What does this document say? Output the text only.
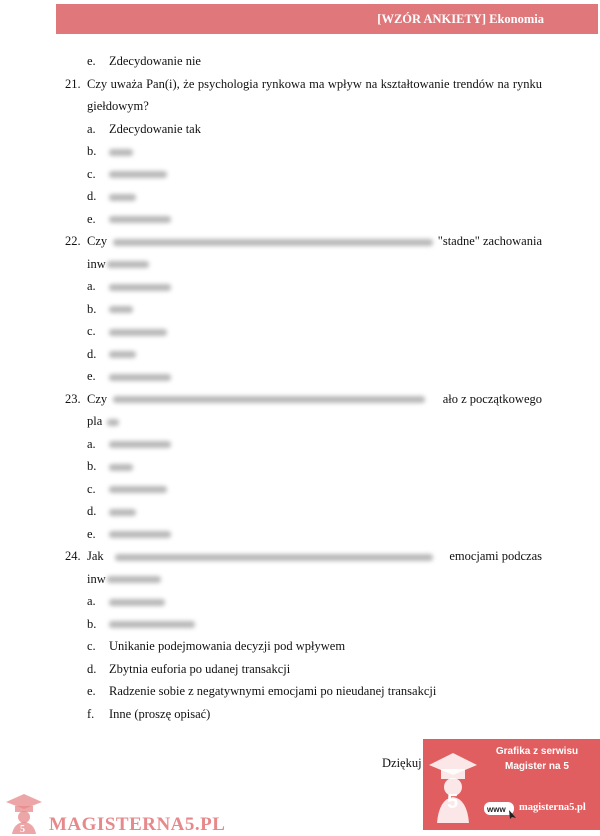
[WZÓR ANKIETY] Ekonomia
e. Zdecydowanie nie
21. Czy uważa Pan(i), że psychologia rynkowa ma wpływ na kształtowanie trendów na rynku giełdowym?
a. Zdecydowanie tak
b.
c.
d.
e.
22. Czy	"stadne" zachowania
inw
a.
b.
c.
d.
e.
23. Czy	ało z początkowego
pla
a.
b.
c.
d.
e.
24. Jak	emocjami podczas
inw
a.
b.
c. Unikanie podejmowania decyzji pod wpływem
d. Zbytnia euforia po udanej transakcji
e. Radzenie sobie z negatywnymi emocjami po nieudanej transakcji
f. Inne (proszę opisać)
Dziękuj
Grafika z serwisu
Magister na 5
5	www magisterna5.pl
5 MAGISTERNA5.PL
